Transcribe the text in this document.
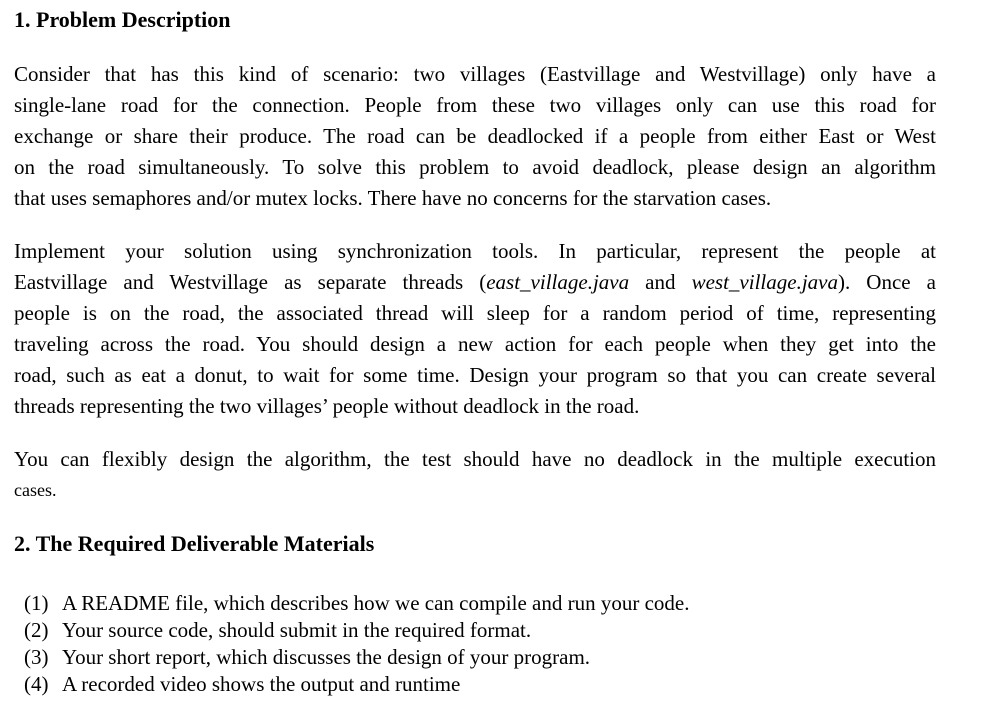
1. Problem Description

Consider that has this kind of scenario: two villages (Eastvillage and Westvillage) only have a
single-lane road for the connection. People from these two villages only can use this road for
exchange or share their produce. The road can be deadlocked if a people from either East or West
on the road simultaneously. To solve this problem to avoid deadlock, please design an algorithm
that uses semaphores and/or mutex locks. There have no concerns for the starvation cases.

Implement your solution using synchronization tools. In particular, represent the people at
Eastvillage and Westvillage as separate threads (east_village.java and west_village.java). Once a
people is on the road, the associated thread will sleep for a random period of time, representing
traveling across the road. You should design a new action for each people when they get into the
road, such as eat a donut, to wait for some time. Design your program so that you can create several
threads representing the two villages’ people without deadlock in the road.

You can flexibly design the algorithm, the test should have no deadlock in the multiple execution
cases.

2. The Required Deliverable Materials
(1) A README file, which describes how we can compile and run your code.
(2) Your source code, should submit in the required format.
(3) Your short report, which discusses the design of your program.
(4) A recorded video shows the output and runtime
